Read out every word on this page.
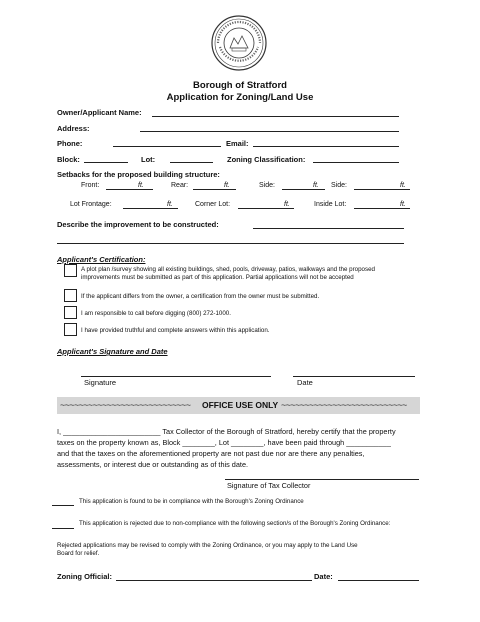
Borough of Stratford
Application for Zoning/Land Use
Owner/Applicant Name:
Address:
Phone:	Email:
Block:	Lot:	Zoning Classification:
Setbacks for the proposed building structure:
Front:	ft.	Rear:	ft.	Side:	ft. Side:	ft.
Lot Frontage:	ft.	Corner Lot:	ft.	Inside Lot:	ft.
Describe the improvement to be constructed:
Applicant's Certification:
A plot plan /survey showing all existing buildings, shed, pools, driveway, patios, walkways and the proposed
improvements must be submitted as part of this application. Partial applications will not be accepted
If the applicant differs from the owner, a certification from the owner must be submitted.
I am responsible to call before digging (800) 272-1000.
I have provided truthful and complete answers within this application.
Applicant's Signature and Date
Signature	Date
~~~~~~~~~~~~~~~~~~~~~~~~~~~~ OFFICE USE ONLY ~~~~~~~~~~~~~~~~~~~~~~~~~~~
I, ________________________ Tax Collector of the Borough of Stratford, hereby certify that the property
taxes on the property known as, Block ________, Lot ________, have been paid through ___________
and that the taxes on the aforementioned property are not past due nor are there any penalties,
assessments, or interest due or outstanding as of this date.
Signature of Tax Collector
This application is found to be in compliance with the Borough's Zoning Ordinance
This application is rejected due to non-compliance with the following section/s of the Borough's Zoning Ordinance:
Rejected applications may be revised to comply with the Zoning Ordinance, or you may apply to the Land Use
Board for relief.
Zoning Official:	Date:
